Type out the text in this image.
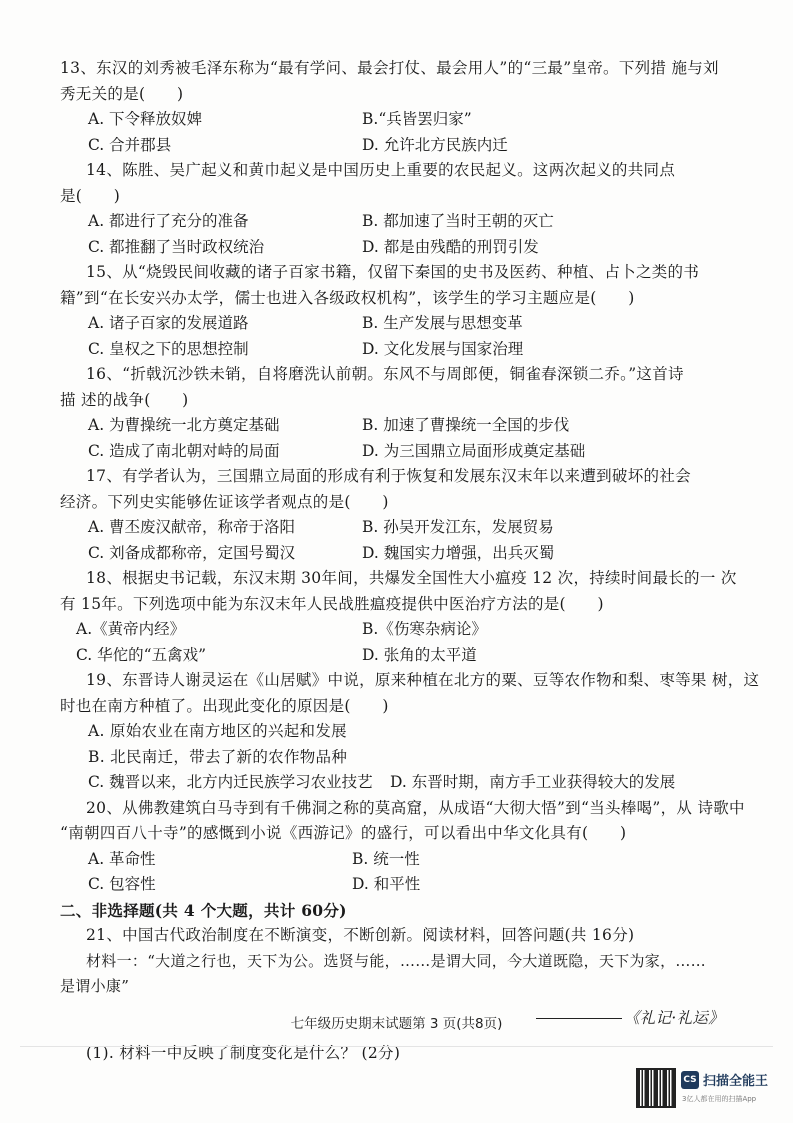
13、东汉的刘秀被毛泽东称为“最有学问、最会打仗、最会用人”的“三最”皇帝。下列措 施与刘
秀无关的是(　　)
A. 下令释放奴婢	B.“兵皆罢归家”
C. 合并郡县	D. 允许北方民族内迁
14、陈胜、吴广起义和黄巾起义是中国历史上重要的农民起义。这两次起义的共同点
是(　　)
A. 都进行了充分的准备	B. 都加速了当时王朝的灭亡
C. 都推翻了当时政权统治	D. 都是由残酷的刑罚引发
15、从“烧毁民间收藏的诸子百家书籍，仅留下秦国的史书及医药、种植、占卜之类的书
籍”到“在长安兴办太学，儒士也进入各级政权机构”，该学生的学习主题应是(　　)
A. 诸子百家的发展道路	B. 生产发展与思想变革
C. 皇权之下的思想控制	D. 文化发展与国家治理
16、“折戟沉沙铁未销，自将磨洗认前朝。东风不与周郎便，铜雀春深锁二乔。”这首诗
描 述的战争(　　)
A. 为曹操统一北方奠定基础	B. 加速了曹操统一全国的步伐
C. 造成了南北朝对峙的局面	D. 为三国鼎立局面形成奠定基础
17、有学者认为，三国鼎立局面的形成有利于恢复和发展东汉末年以来遭到破坏的社会
经济。下列史实能够佐证该学者观点的是(　　)
A. 曹丕废汉献帝，称帝于洛阳	B. 孙吴开发江东，发展贸易
C. 刘备成都称帝，定国号蜀汉	D. 魏国实力增强，出兵灭蜀
18、根据史书记载，东汉末期 30年间，共爆发全国性大小瘟疫 12 次，持续时间最长的一 次
有 15年。下列选项中能为东汉末年人民战胜瘟疫提供中医治疗方法的是(　　)
A.《黄帝内经》	B.《伤寒杂病论》
C. 华佗的“五禽戏”	D. 张角的太平道
19、东晋诗人谢灵运在《山居赋》中说，原来种植在北方的粟、豆等农作物和梨、枣等果 树，这
时也在南方种植了。出现此变化的原因是(　　)
A. 原始农业在南方地区的兴起和发展
B. 北民南迁，带去了新的农作物品种
C. 魏晋以来，北方内迁民族学习农业技艺 D. 东晋时期，南方手工业获得较大的发展
20、从佛教建筑白马寺到有千佛洞之称的莫高窟，从成语“大彻大悟”到“当头棒喝”，从 诗歌中
“南朝四百八十寺”的感慨到小说《西游记》的盛行，可以看出中华文化具有(　　)
A. 革命性	B. 统一性
C. 包容性	D. 和平性
二、非选择题(共 4 个大题，共计 60分)
21、中国古代政治制度在不断演变，不断创新。阅读材料，回答问题(共 16分)
材料一：“大道之行也，天下为公。选贤与能，……是谓大同，今大道既隐，天下为家，……
是谓小康”
《礼记·礼运》
(1). 材料一中反映了制度变化是什么？ (2分)
七年级历史期末试题第 3 页(共8页)
CS 扫描全能王
3亿人都在用的扫描App
